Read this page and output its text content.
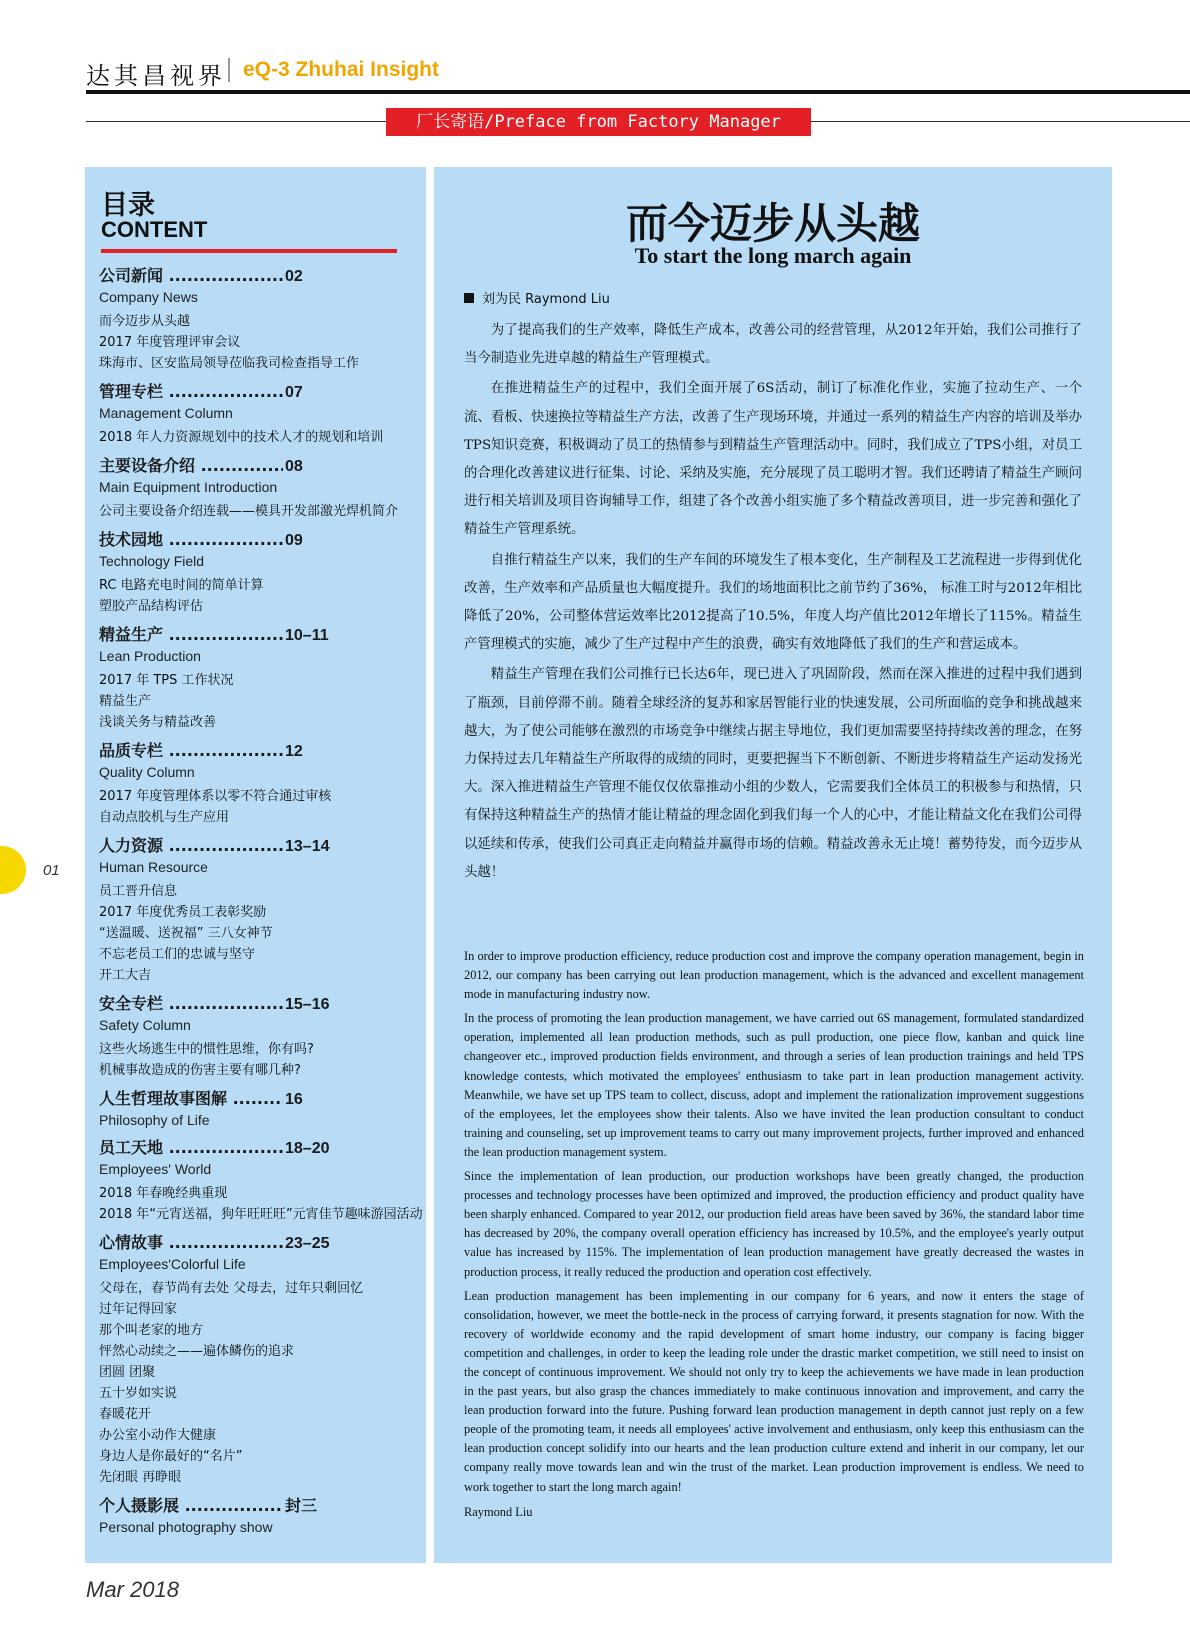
达其昌视界 eQ-3 Zhuhai Insight
厂长寄语/Preface from Factory Manager
目录
CONTENT
公司新闻 .....	02
Company News
而今迈步从头越
2017 年度管理评审会议
珠海市、区安监局领导莅临我司检查指导工作
管理专栏 .....	07
Management Column
2018 年人力资源规划中的技术人才的规划和培训
主要设备介绍 .....	08
Main Equipment Introduction
公司主要设备介绍连载——模具开发部激光焊机简介
技术园地 .....	09
Technology Field
RC 电路充电时间的简单计算
塑胶产品结构评估
精益生产 .....	10–11
Lean Production
2017 年 TPS 工作状况
精益生产
浅谈关务与精益改善
品质专栏 .....	12
Quality Column
2017 年度管理体系以零不符合通过审核
自动点胶机与生产应用
人力资源 .....	13–14
Human Resource
员工晋升信息
2017 年度优秀员工表彰奖励
“送温暖、送祝福” 三八女神节
不忘老员工们的忠诚与坚守
开工大吉
安全专栏 .....	15–16
Safety Column
这些火场逃生中的惯性思维，你有吗?
机械事故造成的伤害主要有哪几种?
人生哲理故事图解 .....	16
Philosophy of Life
员工天地 .....	18–20
Employees' World
2018 年春晚经典重现
2018 年“元宵送福，狗年旺旺旺”元宵佳节趣味游园活动
心情故事 .....	23–25
Employees'Colorful Life
父母在，春节尚有去处 父母去，过年只剩回忆
过年记得回家
那个叫老家的地方
怦然心动续之——遍体鳞伤的追求
团圆 团聚
五十岁如实说
春暖花开
办公室小动作大健康
身边人是你最好的“名片”
先闭眼 再睁眼
个人摄影展 .....	封三
Personal photography show
而今迈步从头越
To start the long march again
刘为民 Raymond Liu

为了提高我们的生产效率，降低生产成本，改善公司的经营管理，从2012年开始，我们公司推行了当今制造业先进卓越的精益生产管理模式。

在推进精益生产的过程中，我们全面开展了6S活动，制订了标准化作业，实施了拉动生产、一个流、看板、快速换拉等精益生产方法，改善了生产现场环境，并通过一系列的精益生产内容的培训及举办TPS知识竞赛，积极调动了员工的热情参与到精益生产管理活动中。同时，我们成立了TPS小组，对员工的合理化改善建议进行征集、讨论、采纳及实施，充分展现了员工聪明才智。我们还聘请了精益生产顾问进行相关培训及项目咨询辅导工作，组建了各个改善小组实施了多个精益改善项目，进一步完善和强化了精益生产管理系统。

自推行精益生产以来，我们的生产车间的环境发生了根本变化，生产制程及工艺流程进一步得到优化改善，生产效率和产品质量也大幅度提升。我们的场地面积比之前节约了36%， 标准工时与2012年相比降低了20%，公司整体营运效率比2012提高了10.5%，年度人均产值比2012年增长了115%。精益生产管理模式的实施，减少了生产过程中产生的浪费，确实有效地降低了我们的生产和营运成本。

精益生产管理在我们公司推行已长达6年，现已进入了巩固阶段，然而在深入推进的过程中我们遇到了瓶颈，目前停滞不前。随着全球经济的复苏和家居智能行业的快速发展，公司所面临的竞争和挑战越来越大，为了使公司能够在激烈的市场竞争中继续占据主导地位，我们更加需要坚持持续改善的理念，在努力保持过去几年精益生产所取得的成绩的同时，更要把握当下不断创新、不断进步将精益生产运动发扬光大。深入推进精益生产管理不能仅仅依靠推动小组的少数人，它需要我们全体员工的积极参与和热情，只有保持这种精益生产的热情才能让精益的理念固化到我们每一个人的心中，才能让精益文化在我们公司得以延续和传承，使我们公司真正走向精益并赢得市场的信赖。精益改善永无止境！蓄势待发，而今迈步从头越！

In order to improve production efficiency, reduce production cost and improve the company operation management, begin in 2012, our company has been carrying out lean production management, which is the advanced and excellent management mode in manufacturing industry now.

In the process of promoting the lean production management, we have carried out 6S management, formulated standardized operation, implemented all lean production methods, such as pull production, one piece flow, kanban and quick line changeover etc., improved production fields environment, and through a series of lean production trainings and held TPS knowledge contests, which motivated the employees' enthusiasm to take part in lean production management activity. Meanwhile, we have set up TPS team to collect, discuss, adopt and implement the rationalization improvement suggestions of the employees, let the employees show their talents. Also we have invited the lean production consultant to conduct training and counseling, set up improvement teams to carry out many improvement projects, further improved and enhanced the lean production management system.

Since the implementation of lean production, our production workshops have been greatly changed, the production processes and technology processes have been optimized and improved, the production efficiency and product quality have been sharply enhanced. Compared to year 2012, our production field areas have been saved by 36%, the standard labor time has decreased by 20%, the company overall operation efficiency has increased by 10.5%, and the employee's yearly output value has increased by 115%. The implementation of lean production management have greatly decreased the wastes in production process, it really reduced the production and operation cost effectively.

Lean production management has been implementing in our company for 6 years, and now it enters the stage of consolidation, however, we meet the bottle-neck in the process of carrying forward, it presents stagnation for now. With the recovery of worldwide economy and the rapid development of smart home industry, our company is facing bigger competition and challenges, in order to keep the leading role under the drastic market competition, we still need to insist on the concept of continuous improvement. We should not only try to keep the achievements we have made in lean production in the past years, but also grasp the chances immediately to make continuous innovation and improvement, and carry the lean production forward into the future. Pushing forward lean production management in depth cannot just reply on a few people of the promoting team, it needs all employees' active involvement and enthusiasm, only keep this enthusiasm can the lean production concept solidify into our hearts and the lean production culture extend and inherit in our company, let our company really move towards lean and win the trust of the market. Lean production improvement is endless. We need to work together to start the long march again!

Raymond Liu
01
Mar 2018
